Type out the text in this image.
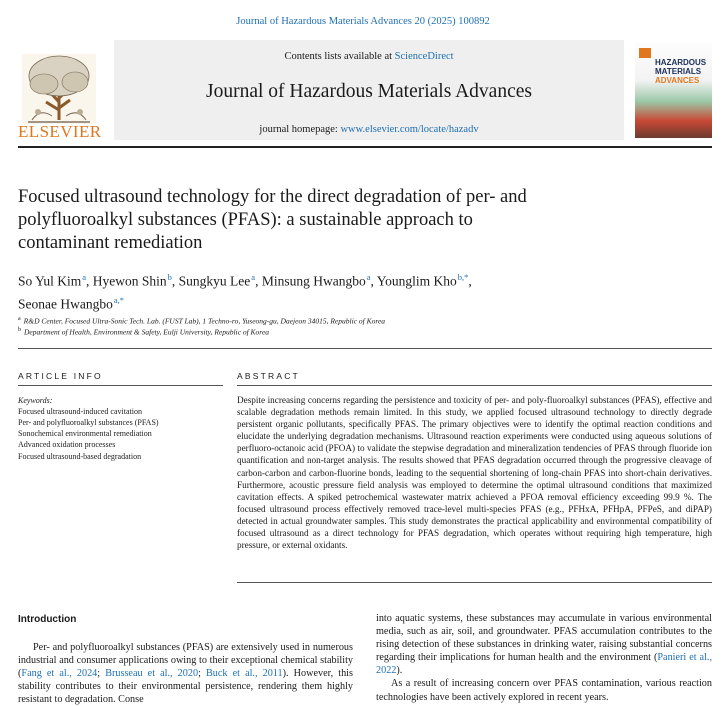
Journal of Hazardous Materials Advances 20 (2025) 100892
ELSEVIER
Contents lists available at ScienceDirect
Journal of Hazardous Materials Advances
journal homepage: www.elsevier.com/locate/hazadv
HAZARDOUS
MATERIALS
ADVANCES
Focused ultrasound technology for the direct degradation of per- and
polyfluoroalkyl substances (PFAS): a sustainable approach to
contaminant remediation
So Yul Kim$^a$, Hyewon Shin$^b$, Sungkyu Lee$^a$, Minsung Hwangbo$^a$, Younglim Kho$^{b,*}$,
Seonae Hwangbo$^{a,*}$
$^a$ R&D Center, Focused Ultra-Sonic Tech. Lab. (FUST Lab), 1 Techno-ro, Yuseong-gu, Daejeon 34015, Republic of Korea
$^b$ Department of Health, Environment & Safety, Eulji University, Republic of Korea
ARTICLE INFO
Keywords:
Focused ultrasound-induced cavitation
Per- and polyfluoroalkyl substances (PFAS)
Sonochemical environmental remediation
Advanced oxidation processes
Focused ultrasound-based degradation
ABSTRACT
Despite increasing concerns regarding the persistence and toxicity of per- and poly-fluoroalkyl substances (PFAS), effective and scalable degradation methods remain limited. In this study, we applied focused ultrasound technology to directly degrade persistent organic pollutants, specifically PFAS. The primary objectives were to identify the optimal reaction conditions and elucidate the underlying degradation mechanisms. Ultrasound reaction experiments were conducted using aqueous solutions of perfluoro-octanoic acid (PFOA) to validate the stepwise degradation and mineralization tendencies of PFAS through fluoride ion quantification and non-target analysis. The results showed that PFAS degradation occurred through the progressive cleavage of carbon-carbon and carbon-fluorine bonds, leading to the sequential shortening of long-chain PFAS into short-chain derivatives. Furthermore, acoustic pressure field analysis was employed to determine the optimal ultrasound conditions that maximized cavitation effects. A spiked petrochemical wastewater matrix achieved a PFOA removal efficiency exceeding 99.9 %. The focused ultrasound process effectively removed trace-level multi-species PFAS (e.g., PFHxA, PFHpA, PFPeS, and diPAP) detected in actual groundwater samples. This study demonstrates the practical applicability and environmental compatibility of focused ultrasound as a direct technology for PFAS degradation, which operates without requiring high temperature, high pressure, or external oxidants.
Introduction

Per- and polyfluoroalkyl substances (PFAS) are extensively used in numerous industrial and consumer applications owing to their exceptional chemical stability (Fang et al., 2024; Brusseau et al., 2020; Buck et al., 2011). However, this stability contributes to their environmental persistence, rendering them highly resistant to degradation. Conse

into aquatic systems, these substances may accumulate in various environmental media, such as air, soil, and groundwater. PFAS accumulation contributes to the rising detection of these substances in drinking water, raising substantial concerns regarding their implications for human health and the environment (Panieri et al., 2022).

As a result of increasing concern over PFAS contamination, various reaction technologies have been actively explored in recent years.
